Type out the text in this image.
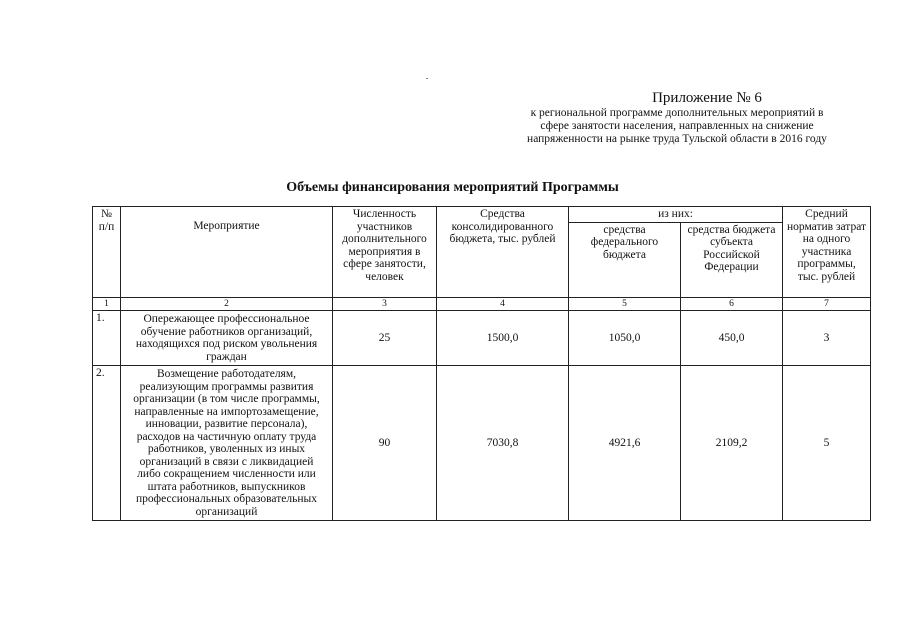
Приложение № 6
к региональной программе дополнительных мероприятий в
сфере занятости населения, направленных на снижение
напряженности на рынке труда Тульской области в 2016 году
Объемы финансирования мероприятий Программы
№ п/п	Мероприятие	Численность участников дополнительного мероприятия в сфере занятости, человек	Средства консолидированного бюджета, тыс. рублей	из них:		Средний норматив затрат на одного участника программы, тыс. рублей
				средства федерального бюджета	средства бюджета субъекта Российской Федерации	
1	2	3	4	5	6	7
1.	Опережающее профессиональное обучение работников организаций, находящихся под риском увольнения граждан	25	1500,0	1050,0	450,0	3
2.	Возмещение работодателям, реализующим программы развития организации (в том числе программы, направленные на импортозамещение, инновации, развитие персонала), расходов на частичную оплату труда работников, уволенных из иных организаций в связи с ликвидацией либо сокращением численности или штата работников, выпускников профессиональных образовательных организаций	90	7030,8	4921,6	2109,2	5
